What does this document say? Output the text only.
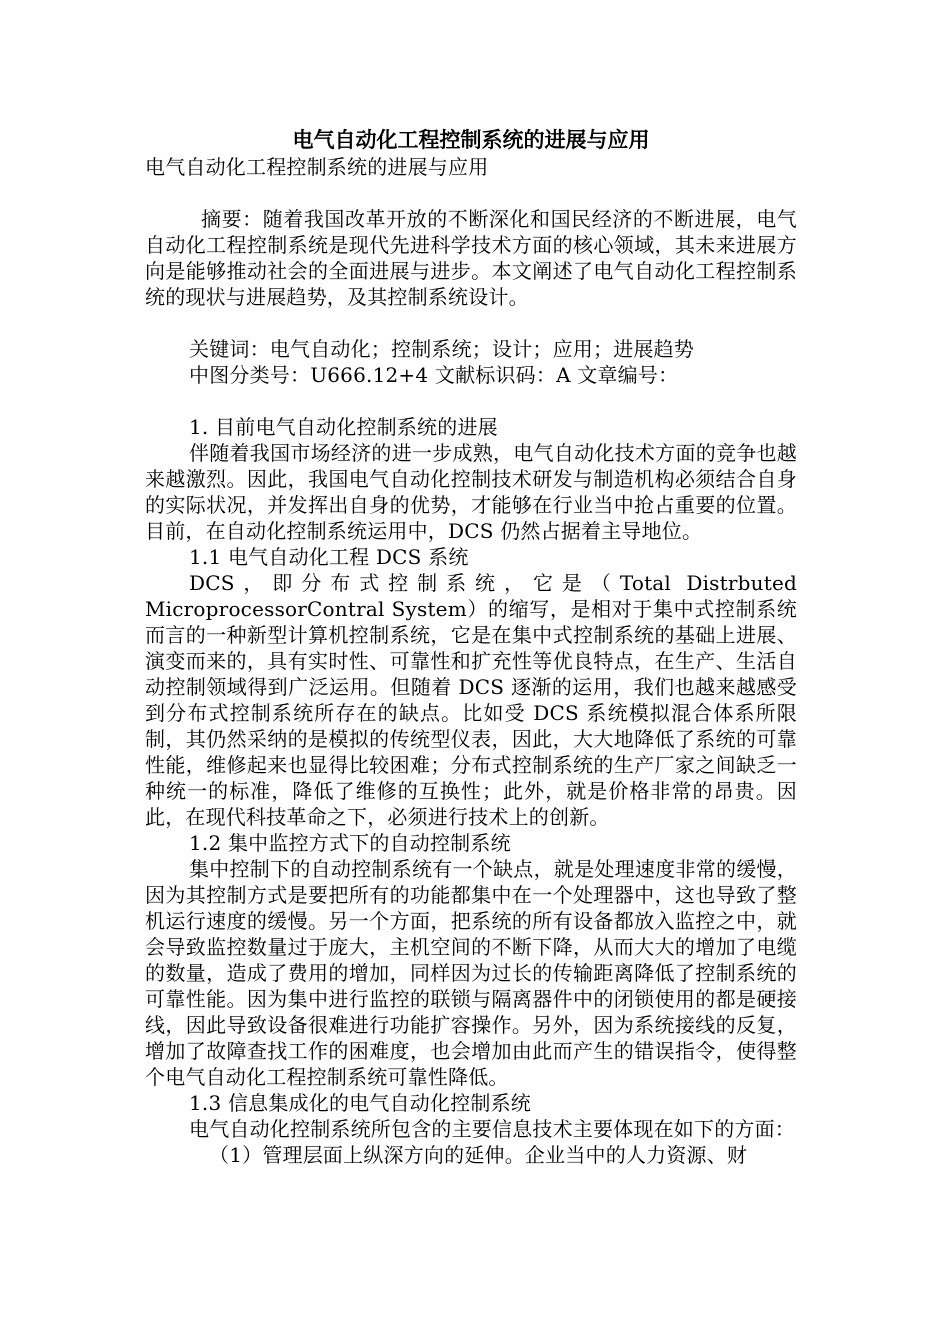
电气自动化工程控制系统的进展与应用

电气自动化工程控制系统的进展与应用

摘要：随着我国改革开放的不断深化和国民经济的不断进展，电气自动化工程控制系统是现代先进科学技术方面的核心领域，其未来进展方向是能够推动社会的全面进展与进步。本文阐述了电气自动化工程控制系统的现状与进展趋势，及其控制系统设计。

关键词：电气自动化；控制系统；设计；应用；进展趋势

中图分类号：U666.12+4 文献标识码：A 文章编号：

1. 目前电气自动化控制系统的进展

伴随着我国市场经济的进一步成熟，电气自动化技术方面的竞争也越来越激烈。因此，我国电气自动化控制技术研发与制造机构必须结合自身的实际状况，并发挥出自身的优势，才能够在行业当中抢占重要的位置。目前，在自动化控制系统运用中，DCS 仍然占据着主导地位。

1.1 电气自动化工程 DCS 系统

DCS，即分布式控制系统，它是（Total Distrbuted MicroprocessorContral System）的缩写，是相对于集中式控制系统而言的一种新型计算机控制系统，它是在集中式控制系统的基础上进展、演变而来的，具有实时性、可靠性和扩充性等优良特点，在生产、生活自动控制领域得到广泛运用。但随着 DCS 逐渐的运用，我们也越来越感受到分布式控制系统所存在的缺点。比如受 DCS 系统模拟混合体系所限制，其仍然采纳的是模拟的传统型仪表，因此，大大地降低了系统的可靠性能，维修起来也显得比较困难；分布式控制系统的生产厂家之间缺乏一种统一的标准，降低了维修的互换性；此外，就是价格非常的昂贵。因此，在现代科技革命之下，必须进行技术上的创新。

1.2 集中监控方式下的自动控制系统

集中控制下的自动控制系统有一个缺点，就是处理速度非常的缓慢，因为其控制方式是要把所有的功能都集中在一个处理器中，这也导致了整机运行速度的缓慢。另一个方面，把系统的所有设备都放入监控之中，就会导致监控数量过于庞大，主机空间的不断下降，从而大大的增加了电缆的数量，造成了费用的增加，同样因为过长的传输距离降低了控制系统的可靠性能。因为集中进行监控的联锁与隔离器件中的闭锁使用的都是硬接线，因此导致设备很难进行功能扩容操作。另外，因为系统接线的反复，增加了故障查找工作的困难度，也会增加由此而产生的错误指令，使得整个电气自动化工程控制系统可靠性降低。

1.3 信息集成化的电气自动化控制系统

电气自动化控制系统所包含的主要信息技术主要体现在如下的方面：

（1）管理层面上纵深方向的延伸。企业当中的人力资源、财
